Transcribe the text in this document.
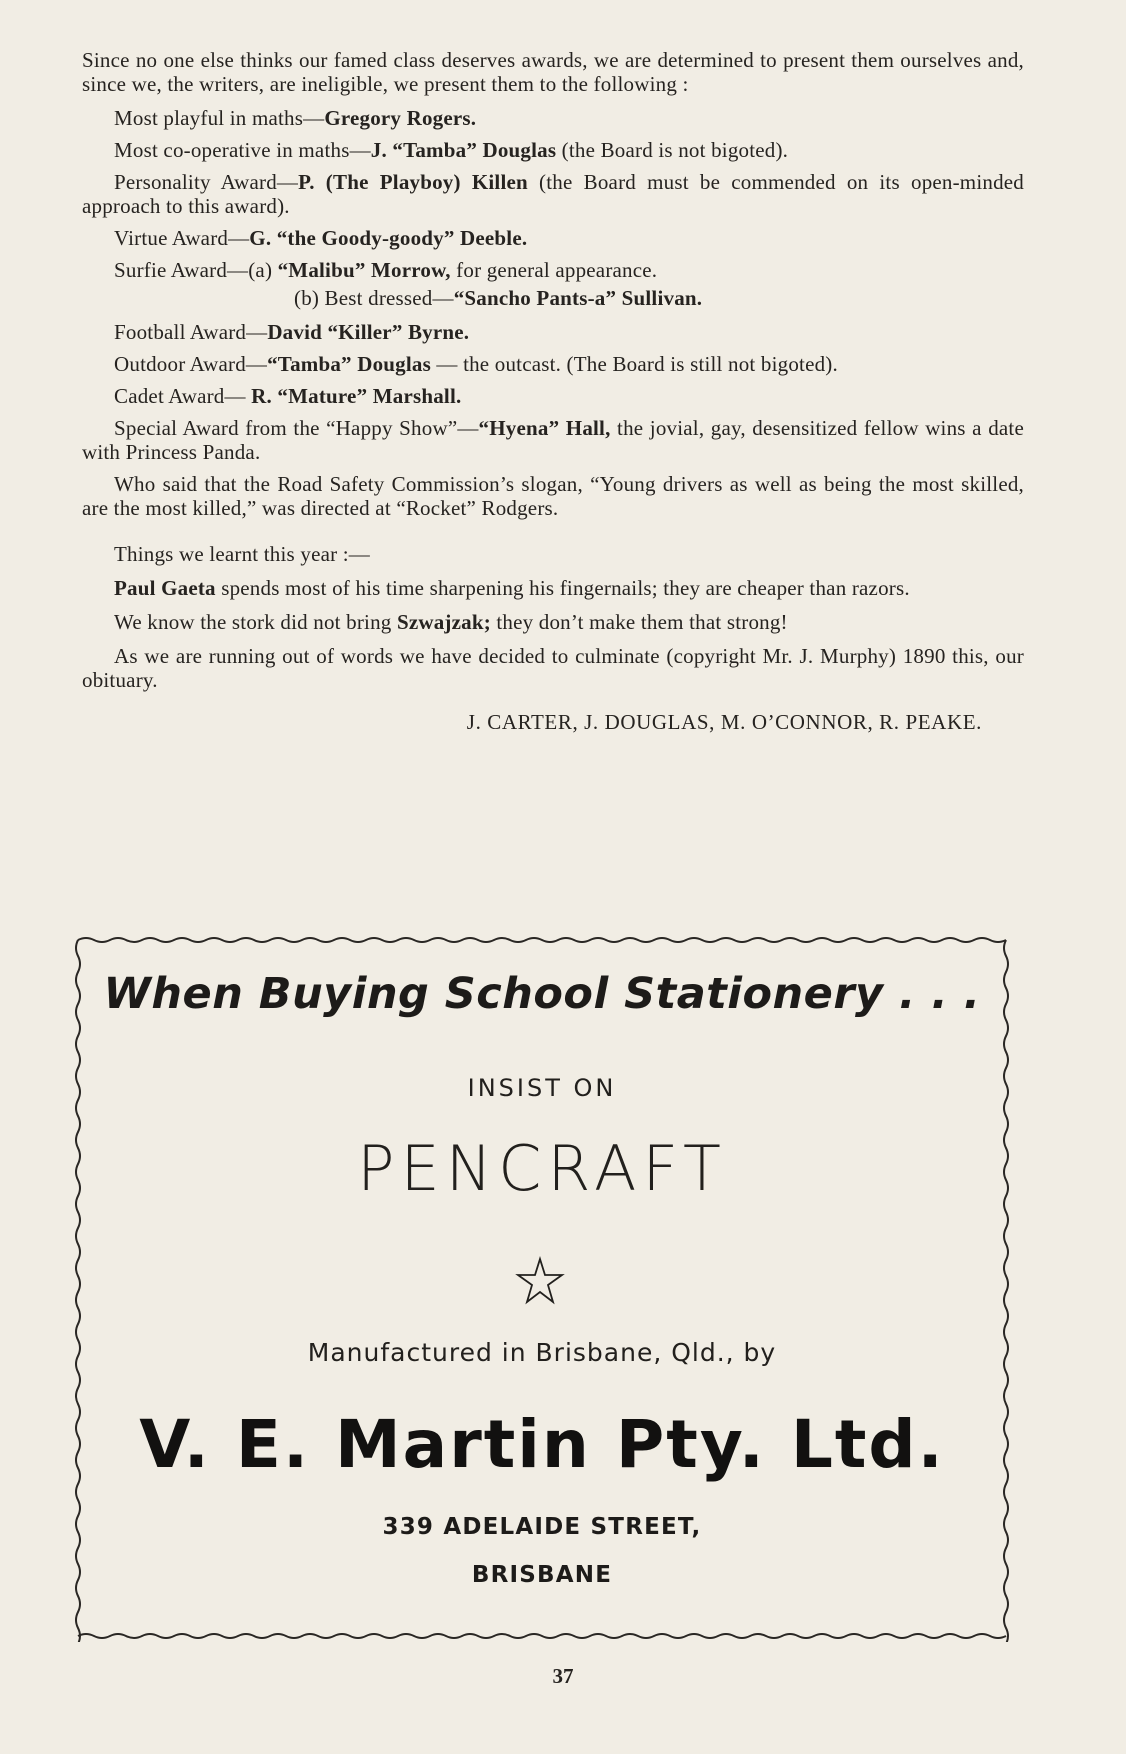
Since no one else thinks our famed class deserves awards, we are determined to present them ourselves and, since we, the writers, are ineligible, we present them to the following :

Most playful in maths—Gregory Rogers.

Most co-operative in maths—J. “Tamba” Douglas (the Board is not bigoted).

Personality Award—P. (The Playboy) Killen (the Board must be commended on its open-minded approach to this award).

Virtue Award—G. “the Goody-goody” Deeble.

Surfie Award—(a) “Malibu” Morrow, for general appearance.

(b) Best dressed—“Sancho Pants-a” Sullivan.

Football Award—David “Killer” Byrne.

Outdoor Award—“Tamba” Douglas — the outcast. (The Board is still not bigoted).

Cadet Award— R. “Mature” Marshall.

Special Award from the “Happy Show”—“Hyena” Hall, the jovial, gay, desensitized fellow wins a date with Princess Panda.

Who said that the Road Safety Commission’s slogan, “Young drivers as well as being the most skilled, are the most killed,” was directed at “Rocket” Rodgers.

Things we learnt this year :—

Paul Gaeta spends most of his time sharpening his fingernails; they are cheaper than razors.

We know the stork did not bring Szwajzak; they don’t make them that strong!

As we are running out of words we have decided to culminate (copyright Mr. J. Murphy) 1890 this, our obituary.

J. CARTER, J. DOUGLAS, M. O’CONNOR, R. PEAKE.

When Buying School Stationery . . .
INSIST ON
PENCRAFT
Manufactured in Brisbane, Qld., by
V. E. Martin Pty. Ltd.
339 ADELAIDE STREET,
BRISBANE
37
